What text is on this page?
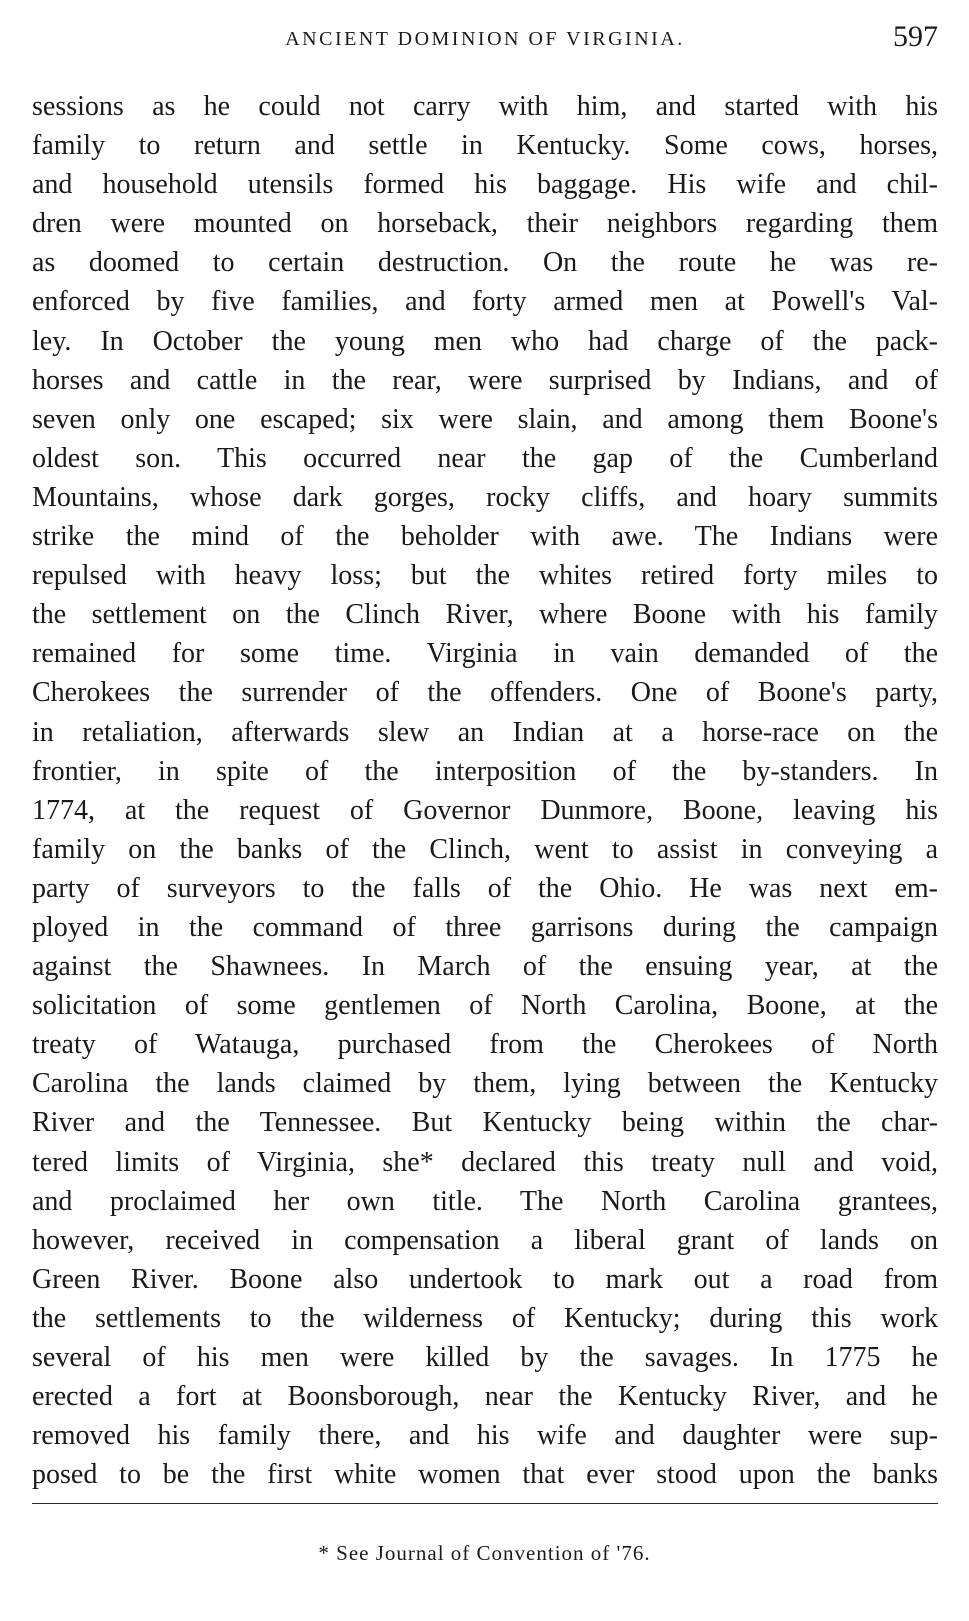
ANCIENT DOMINION OF VIRGINIA.	597
sessions as he could not carry with him, and started with his
family to return and settle in Kentucky. Some cows, horses,
and household utensils formed his baggage. His wife and chil-
dren were mounted on horseback, their neighbors regarding them
as doomed to certain destruction. On the route he was re-
enforced by five families, and forty armed men at Powell's Val-
ley. In October the young men who had charge of the pack-
horses and cattle in the rear, were surprised by Indians, and of
seven only one escaped; six were slain, and among them Boone's
oldest son. This occurred near the gap of the Cumberland
Mountains, whose dark gorges, rocky cliffs, and hoary summits
strike the mind of the beholder with awe. The Indians were
repulsed with heavy loss; but the whites retired forty miles to
the settlement on the Clinch River, where Boone with his family
remained for some time. Virginia in vain demanded of the
Cherokees the surrender of the offenders. One of Boone's party,
in retaliation, afterwards slew an Indian at a horse-race on the
frontier, in spite of the interposition of the by-standers. In
1774, at the request of Governor Dunmore, Boone, leaving his
family on the banks of the Clinch, went to assist in conveying a
party of surveyors to the falls of the Ohio. He was next em-
ployed in the command of three garrisons during the campaign
against the Shawnees. In March of the ensuing year, at the
solicitation of some gentlemen of North Carolina, Boone, at the
treaty of Watauga, purchased from the Cherokees of North
Carolina the lands claimed by them, lying between the Kentucky
River and the Tennessee. But Kentucky being within the char-
tered limits of Virginia, she* declared this treaty null and void,
and proclaimed her own title. The North Carolina grantees,
however, received in compensation a liberal grant of lands on
Green River. Boone also undertook to mark out a road from
the settlements to the wilderness of Kentucky; during this work
several of his men were killed by the savages. In 1775 he
erected a fort at Boonsborough, near the Kentucky River, and he
removed his family there, and his wife and daughter were sup-
posed to be the first white women that ever stood upon the banks
* See Journal of Convention of '76.
